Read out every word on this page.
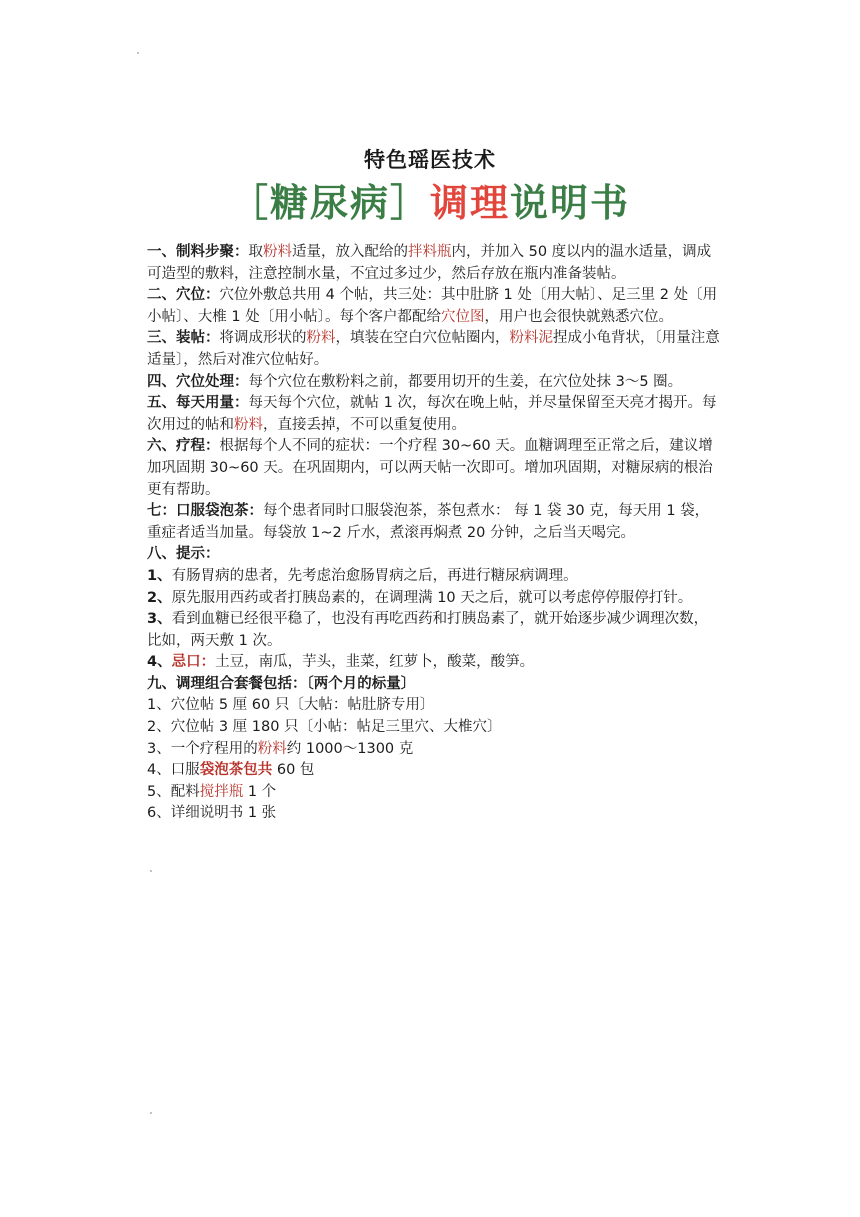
特色瑶医技术
［糖尿病］调理说明书

一、制料步聚：取粉料适量，放入配给的拌料瓶内，并加入 50 度以内的温水适量，调成可造型的敷料，注意控制水量，不宜过多过少，然后存放在瓶内准备装帖。

二、穴位：穴位外敷总共用 4 个帖，共三处：其中肚脐 1 处〔用大帖〕、足三里 2 处〔用小帖〕、大椎 1 处〔用小帖〕。每个客户都配给穴位图，用户也会很快就熟悉穴位。

三、装帖：将调成形状的粉料，填装在空白穴位帖圈内，粉料泥捏成小龟背状，〔用量注意适量〕，然后对准穴位帖好。

四、穴位处理：每个穴位在敷粉料之前，都要用切开的生姜，在穴位处抹 3～5 圈。

五、每天用量：每天每个穴位，就帖 1 次，每次在晚上帖，并尽量保留至天亮才揭开。每次用过的帖和粉料，直接丢掉，不可以重复使用。

六、疗程：根据每个人不同的症状：一个疗程 30~60 天。血糖调理至正常之后，建议增加巩固期 30~60 天。在巩固期内，可以两天帖一次即可。增加巩固期，对糖尿病的根治更有帮助。

七：口服袋泡茶：每个患者同时口服袋泡茶，茶包煮水： 每 1 袋 30 克，每天用 1 袋，重症者适当加量。每袋放 1~2 斤水，煮滚再焖煮 20 分钟，之后当天喝完。

八、提示：

1、有肠胃病的患者，先考虑治愈肠胃病之后，再进行糖尿病调理。

2、原先服用西药或者打胰岛素的，在调理满 10 天之后，就可以考虑停停服停打针。

3、看到血糖已经很平稳了，也没有再吃西药和打胰岛素了，就开始逐步减少调理次数，比如，两天敷 1 次。

4、忌口：土豆，南瓜，芋头，韭菜，红萝卜，酸菜，酸笋。

九、调理组合套餐包括：〔两个月的标量〕

1、穴位帖 5 厘 60 只〔大帖：帖肚脐专用〕

2、穴位帖 3 厘 180 只〔小帖：帖足三里穴、大椎穴〕

3、一个疗程用的粉料约 1000～1300 克

4、口服袋泡茶包共 60 包

5、配料搅拌瓶 1 个

6、详细说明书 1 张
